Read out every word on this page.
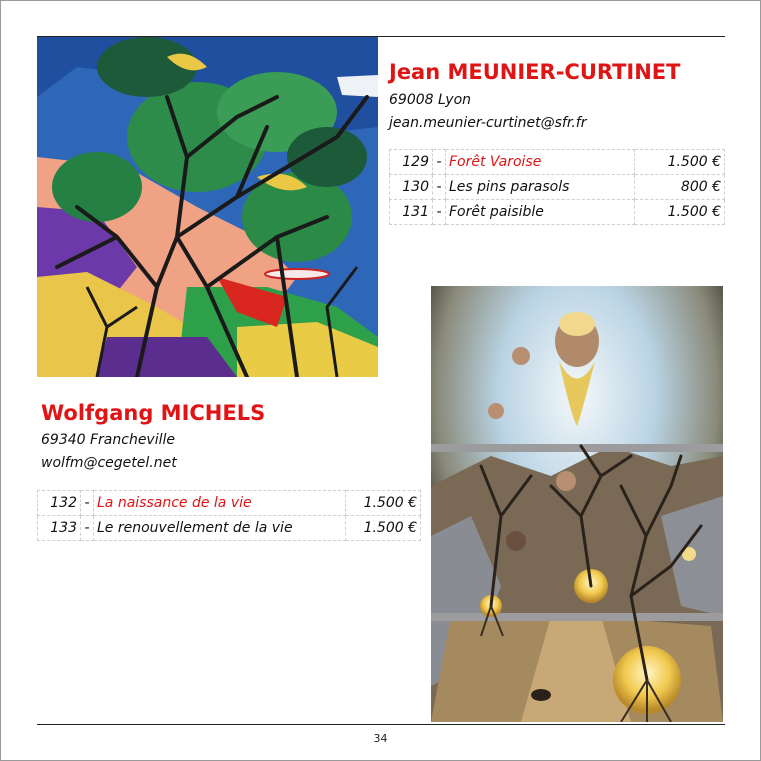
Jean MEUNIER-CURTINET
69008 Lyon
jean.meunier-curtinet@sfr.fr
129	-	Forêt Varoise	1.500 €
130	-	Les pins parasols	800 €
131	-	Forêt paisible	1.500 €
Wolfgang MICHELS
69340 Francheville
wolfm@cegetel.net
132	-	La naissance de la vie	1.500 €
133	-	Le renouvellement de la vie	1.500 €
34
